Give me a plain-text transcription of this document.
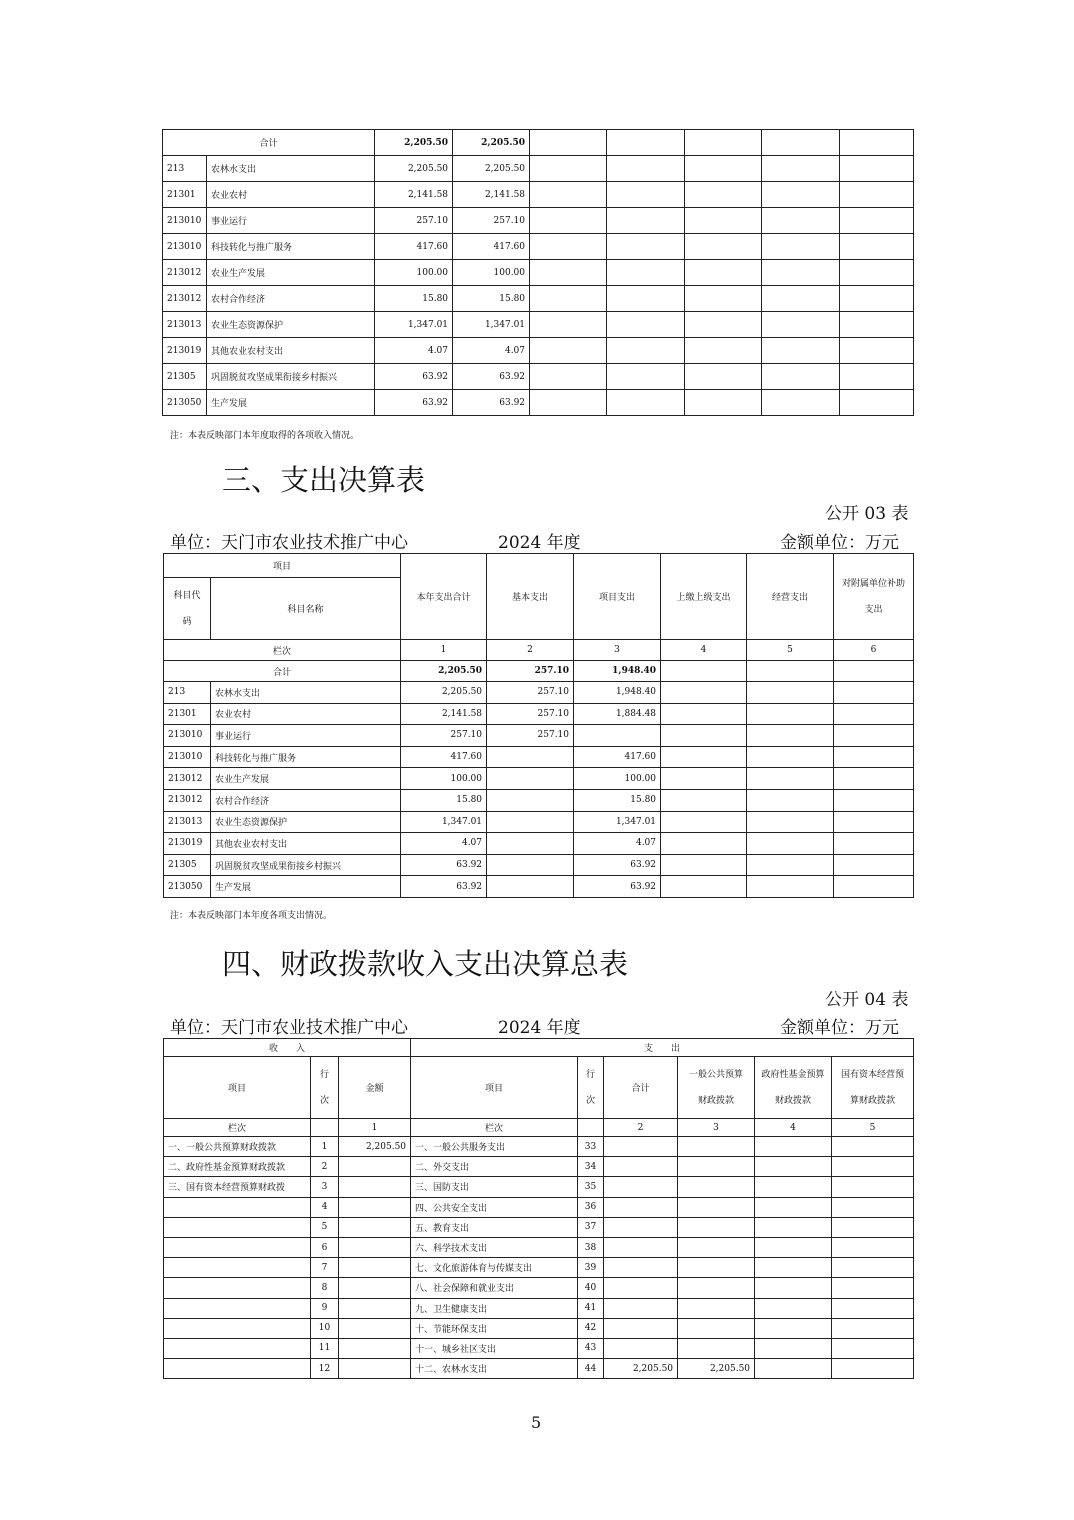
合计		2,205.50	2,205.50					
213	农林水支出	2,205.50	2,205.50					
21301	农业农村	2,141.58	2,141.58					
213010	事业运行	257.10	257.10					
213010	科技转化与推广服务	417.60	417.60					
213012	农业生产发展	100.00	100.00					
213012	农村合作经济	15.80	15.80					
213013	农业生态资源保护	1,347.01	1,347.01					
213019	其他农业农村支出	4.07	4.07					
21305	巩固脱贫攻坚成果衔接乡村振兴	63.92	63.92					
213050	生产发展	63.92	63.92					
注：本表反映部门本年度取得的各项收入情况。
三、支出决算表
公开 03 表
单位：天门市农业技术推广中心	2024 年度	金额单位：万元
项目		本年支出合计	基本支出	项目支出	上缴上级支出	经营支出	对附属单位补助支出
科目代码	科目名称						
栏次		1	2	3	4	5	6
合计		2,205.50	257.10	1,948.40			
213	农林水支出	2,205.50	257.10	1,948.40			
21301	农业农村	2,141.58	257.10	1,884.48			
213010	事业运行	257.10	257.10				
213010	科技转化与推广服务	417.60		417.60			
213012	农业生产发展	100.00		100.00			
213012	农村合作经济	15.80		15.80			
213013	农业生态资源保护	1,347.01		1,347.01			
213019	其他农业农村支出	4.07		4.07			
21305	巩固脱贫攻坚成果衔接乡村振兴	63.92		63.92			
213050	生产发展	63.92		63.92			
注：本表反映部门本年度各项支出情况。
四、财政拨款收入支出决算总表
公开 04 表
单位：天门市农业技术推广中心	2024 年度	金额单位：万元
收　　入			支　　出					
项目	行次	金额	项目	行次	合计	一般公共预算财政拨款	政府性基金预算财政拨款	国有资本经营预算财政拨款
栏次		1	栏次		2	3	4	5
一、一般公共预算财政拨款	1	2,205.50	一、一般公共服务支出	33				
二、政府性基金预算财政拨款	2		二、外交支出	34				
三、国有资本经营预算财政拨	3		三、国防支出	35				
	4		四、公共安全支出	36				
	5		五、教育支出	37				
	6		六、科学技术支出	38				
	7		七、文化旅游体育与传媒支出	39				
	8		八、社会保障和就业支出	40				
	9		九、卫生健康支出	41				
	10		十、节能环保支出	42				
	11		十一、城乡社区支出	43				
	12		十二、农林水支出	44	2,205.50	2,205.50		
5
